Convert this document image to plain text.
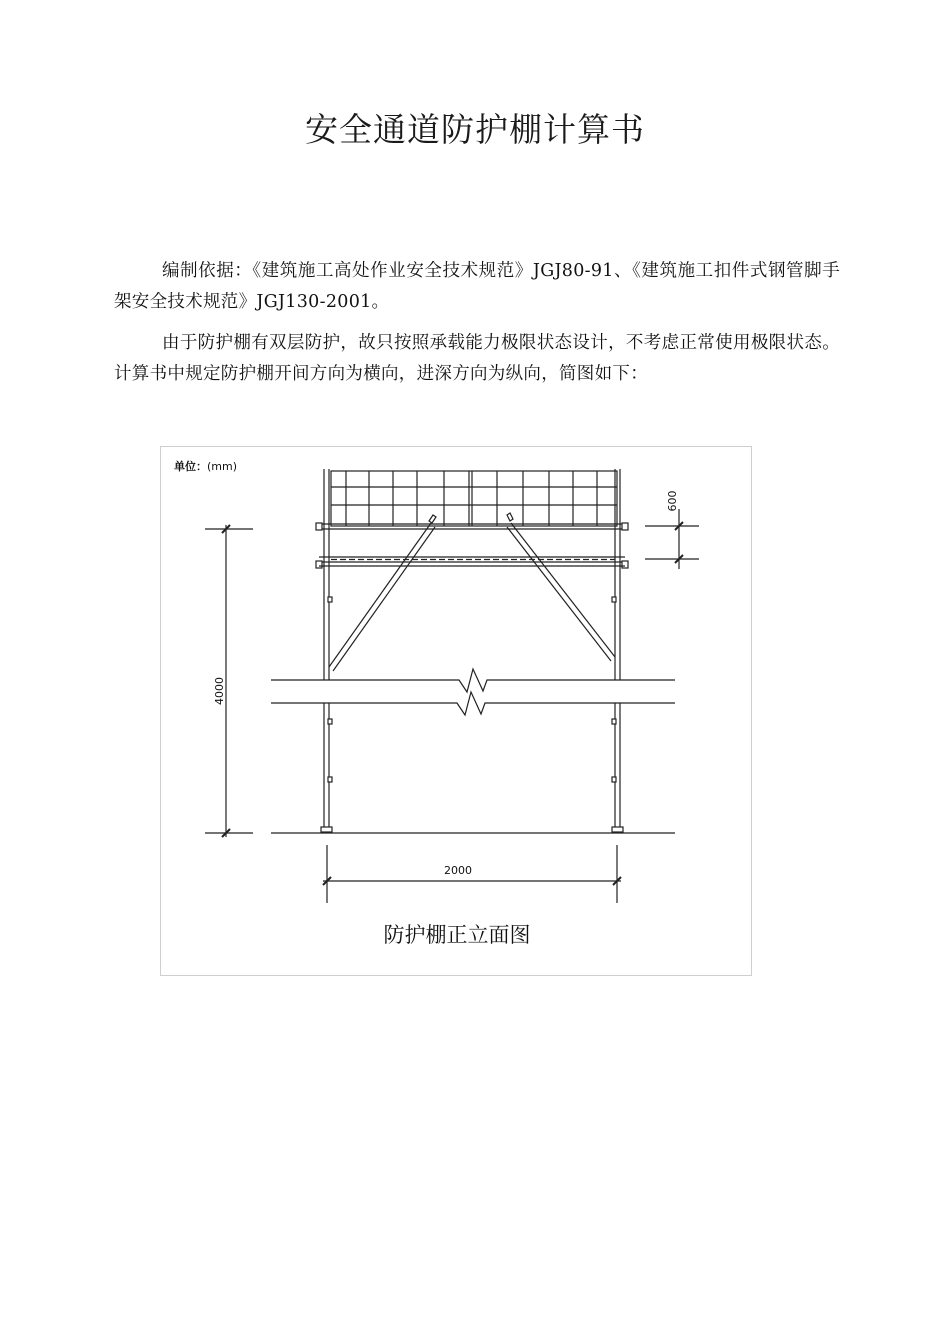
安全通道防护棚计算书

编制依据：《建筑施工高处作业安全技术规范》JGJ80-91、《建筑施工扣件式钢管脚手架安全技术规范》JGJ130-2001。

由于防护棚有双层防护，故只按照承载能力极限状态设计，不考虑正常使用极限状态。计算书中规定防护棚开间方向为横向，进深方向为纵向，简图如下：

单位：(mm)
4000
600
2000
防护棚正立面图
